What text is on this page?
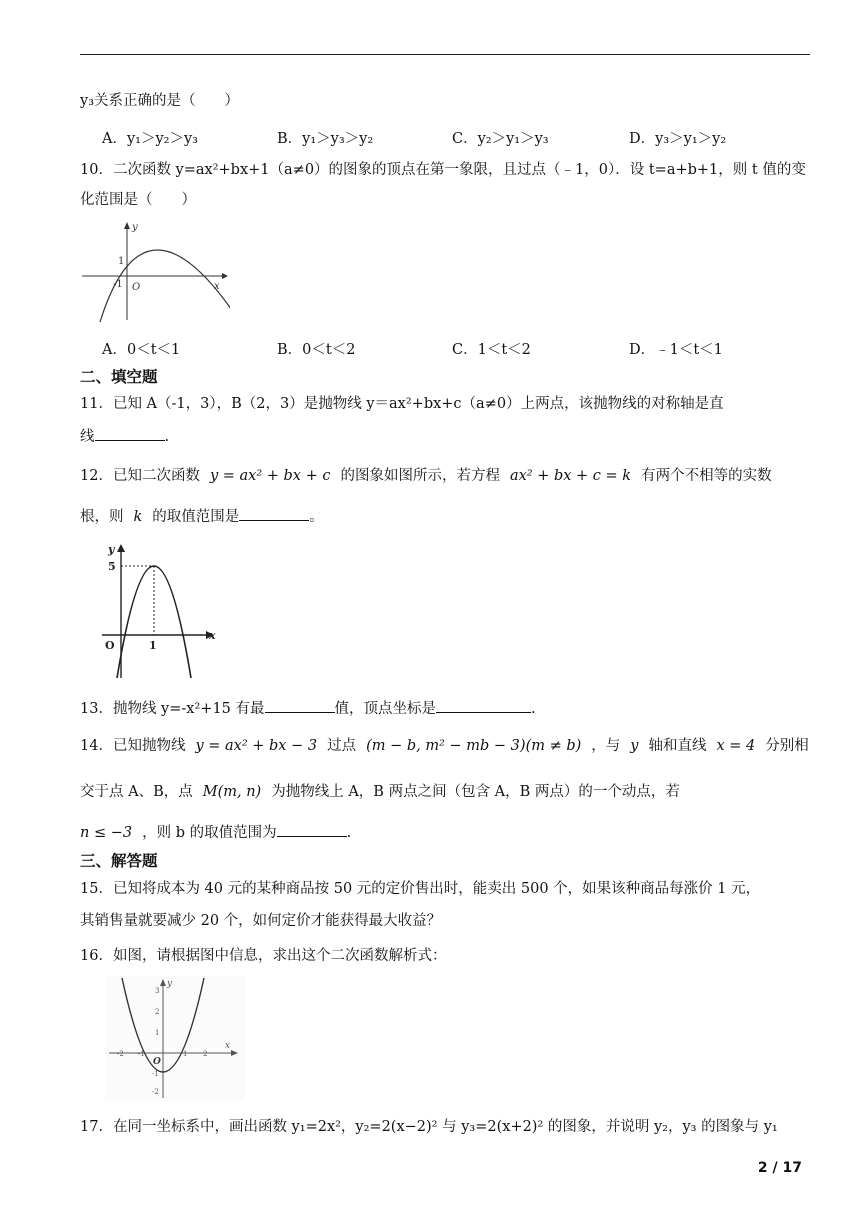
y₃关系正确的是（　　）
A．y₁＞y₂＞y₃	B．y₁＞y₃＞y₂	C．y₂＞y₁＞y₃	D．y₃＞y₁＞y₂
10．二次函数 y=ax²+bx+1（a≠0）的图象的顶点在第一象限，且过点（﹣1，0）．设 t=a+b+1，则 t 值的变
化范围是（　　）
y
x
1
-1 O
A．0＜t＜1	B．0＜t＜2	C．1＜t＜2	D．﹣1＜t＜1
二、填空题
11．已知 A（-1，3），B（2，3）是抛物线 y＝ax²+bx+c（a≠0）上两点，该抛物线的对称轴是直
线	.
12．已知二次函数 y = ax² + bx + c 的图象如图所示，若方程 ax² + bx + c = k 有两个不相等的实数
根，则 k 的取值范围是	。
y
5
O	1
x
13．抛物线 y=-x²+15 有最	值，顶点坐标是	.
14．已知抛物线 y = ax² + bx − 3 过点 (m − b, m² − mb − 3)(m ≠ b) ，与 y 轴和直线 x = 4 分别相
交于点 A、B，点 M(m, n) 为抛物线上 A，B 两点之间（包含 A，B 两点）的一个动点，若
n ≤ −3 ，则 b 的取值范围为	.
三、解答题
15．已知将成本为 40 元的某种商品按 50 元的定价售出时，能卖出 500 个，如果该种商品每涨价 1 元，
其销售量就要减少 20 个，如何定价才能获得最大收益？
16．如图，请根据图中信息，求出这个二次函数解析式：
y
x
O
-2 -1	1 2
3
2
1
-1
-2
17．在同一坐标系中，画出函数 y₁=2x²，y₂=2(x−2)² 与 y₃=2(x+2)² 的图象，并说明 y₂，y₃ 的图象与 y₁
2 / 17
